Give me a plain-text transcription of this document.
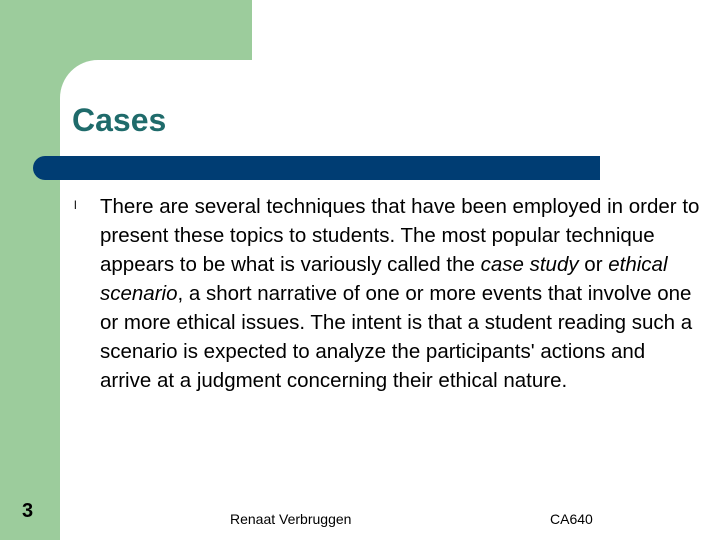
Cases
l There are several techniques that have been employed in order to present these topics to students. The most popular technique appears to be what is variously called the case study or ethical scenario, a short narrative of one or more events that involve one or more ethical issues. The intent is that a student reading such a scenario is expected to analyze the participants' actions and arrive at a judgment concerning their ethical nature.
3	Renaat Verbruggen	CA640
